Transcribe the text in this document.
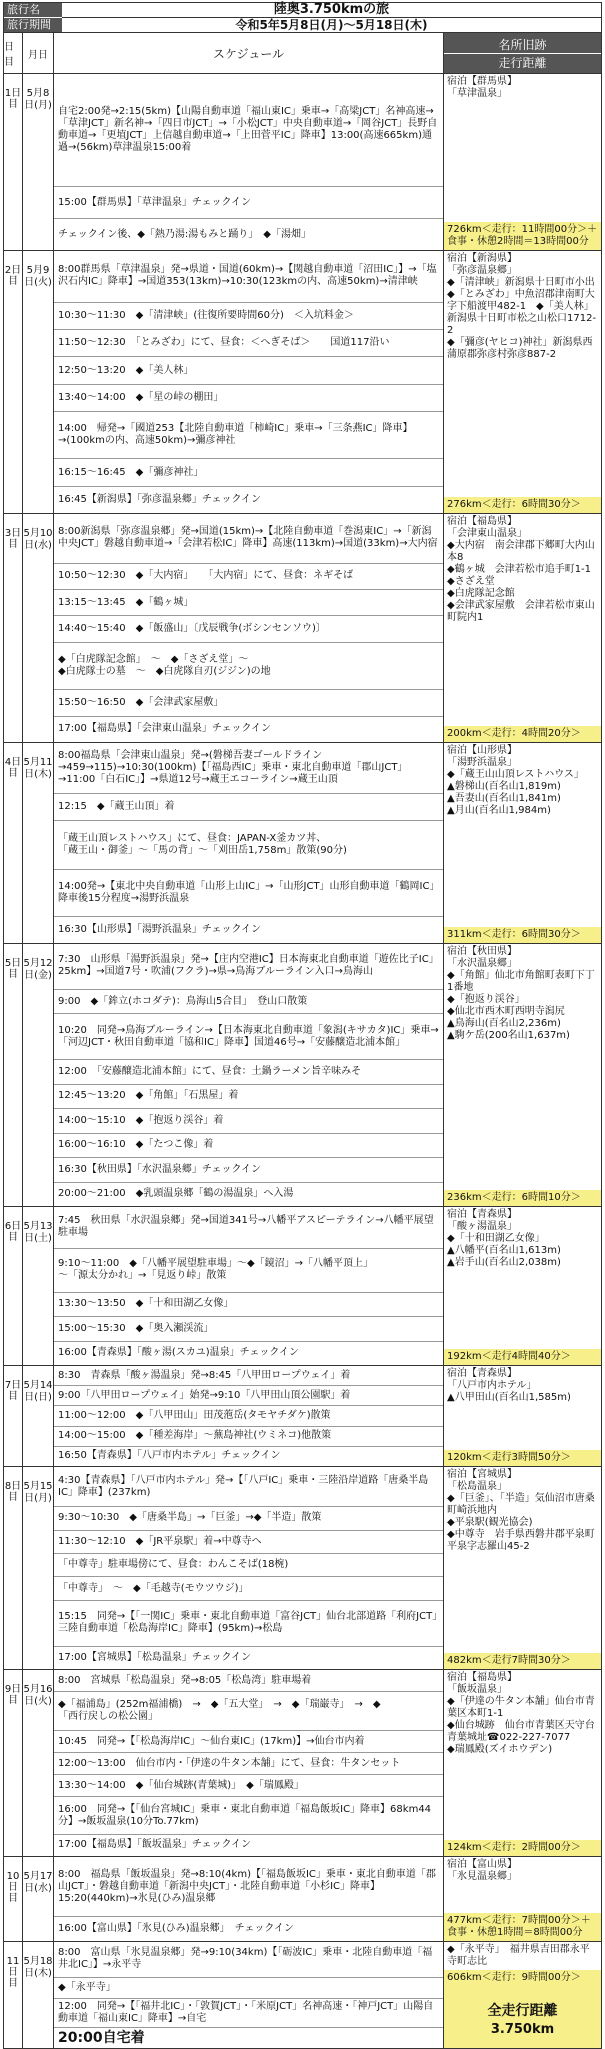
旅行名
旅行期間
陸奥3.750kmの旅
令和5年5月8日(月)～5月18日(木)
日目
月日	スケジュール
名所旧跡
走行距離
1日目
5月8日(月)
自宅2:00発→2:15(5km)【山陽自動車道「福山東IC」乗車→「高梁JCT」名神高速→「草津JCT」新名神→「四日市JCT」→「小松JCT」中央自動車道→「岡谷JCT」長野自動車道→「更埴JCT」上信越自動車道→「上田菅平IC」降車】13:00(高速665km)通過→(56km)草津温泉15:00着
15:00【群馬県】「草津温泉」チェックイン
チェックイン後、◆「熱乃湯:湯もみと踊り」　◆「湯畑」
宿泊【群馬県】
「草津温泉」
726km＜走行：11時間00分＞＋食事・休憩2時間＝13時間00分
2日目
5月9日(火)
8:00群馬県「草津温泉」発→県道・国道(60km)→【関越自動車道「沼田IC」】→「塩沢石内IC」降車】→国道353(13km)→10:30(123kmの内、高速50km)→清津峡
10:30～11:30　◆「清津峡」(往復所要時間60分)　＜入坑料金＞
11:50～12:30　「とみざわ」にて、昼食：＜へぎそば＞　　国道117沿い
12:50～13:20　◆「美人林」
13:40～14:00　◆「星の峠の棚田」
14:00　帰発→「國道253【北陸自動車道「柿崎IC」乗車→「三条燕IC」降車】→(100kmの内、高速50km)→彌彦神社
16:15～16:45　◆「彌彦神社」
16:45【新潟県】「弥彦温泉郷」チェックイン
宿泊【新潟県】
「弥彦温泉郷」
◆「清津峡」新潟県十日町市小出
◆「とみざわ」中魚沼郡津南町大字下船渡甲482-1　◆「美人林」新潟県十日町市松之山松口1712-2
◆「彌彦(ヤヒコ)神社」新潟県西蒲原郡弥彦村弥彦887-2
276km＜走行：6時間30分＞
3日目
5月10日(水)
8:00新潟県「弥彦温泉郷」発→国道(15km)→【北陸自動車道「巻潟東IC」→「新潟中央JCT」磐越自動車道→「会津若松IC」降車】高速(113km)→国道(33km)→大内宿
10:50～12:30　◆「大内宿」　　「大内宿」にて、昼食：ネギそば
13:15～13:45　◆「鶴ヶ城」
14:40～15:40　◆「飯盛山」〔戊辰戦争(ボシンセンソウ)〕
◆「白虎隊記念館」　～　◆「さざえ堂」～
◆白虎隊士の墓　～　◆白虎隊自刃(ジジン)の地
15:50～16:50　◆「会津武家屋敷」
17:00【福島県】「会津東山温泉」チェックイン
宿泊【福島県】
「会津東山温泉」
◆大内宿　南会津郡下郷町大内山本8
◆鶴ヶ城　会津若松市追手町1-1
◆さざえ堂
◆白虎隊記念館
◆会津武家屋敷　会津若松市東山町院内1
200km＜走行：4時間20分＞
4日目
5月11日(木)
8:00福島県「会津東山温泉」発→(磐梯吾妻ゴールドライン→459→115)→10:30(100km)【「福島西IC」乗車・東北自動車道「郡山JCT」→11:00「白石IC」】→県道12号→蔵王エコーライン→蔵王山頂
12:15　◆「蔵王山頂」着
「蔵王山頂レストハウス」にて、昼食：JAPAN-X釜カツ丼、
「蔵王山・御釜」～「馬の背」～「刈田岳1,758m」散策(90分)
14:00発→【東北中央自動車道「山形上山IC」→「山形JCT」山形自動車道「鶴岡IC」降車後15分程度→湯野浜温泉
16:30【山形県】「湯野浜温泉」チェックイン
宿泊【山形県】
「湯野浜温泉」
◆「蔵王山山頂レストハウス」
▲磐梯山(百名山1,819m)
▲吾妻山(百名山1,841m)
▲月山(百名山1,984m)
311km＜走行：6時間30分＞
5日目
5月12日(金)
7:30　山形県「湯野浜温泉」発→【庄内空港IC】日本海東北自動車道「遊佐比子IC」25km】→国道7号・吹浦(フクラ)→県→鳥海ブルーライン入口→鳥海山
9:00　◆「鉾立(ホコダテ)：鳥海山5合目」　登山口散策
10:20　同発→鳥海ブルーライン→【日本海東北自動車道「象潟(キサカタ)IC」乗車→「河辺JCT・秋田自動車道「協和IC」降車】国道46号→「安藤醸造北浦本館」
12:00　「安藤醸造北浦本館」にて、昼食：土鍋ラーメン旨辛味みそ
12:45～13:20　◆「角館」「石黒屋」着
14:00～15:10　◆「抱返り渓谷」着
16:00～16:10　◆「たつこ像」着
16:30【秋田県】「水沢温泉郷」チェックイン
20:00～21:00　◆乳頭温泉郷「鶴の湯温泉」へ入湯
宿泊【秋田県】
「水沢温泉郷」
◆「角館」仙北市角館町表町下丁1番地
◆「抱返り渓谷」
◆仙北市西木町西明寺潟尻
▲鳥海山(百名山2,236m)
▲駒ケ岳(200名山1,637m)
236km＜走行：6時間10分＞
6日目
5月13日(土)
7:45　秋田県「水沢温泉郷」発→国道341号→八幡平アスピーテライン→八幡平展望駐車場
9:10～11:00　◆「八幡平展望駐車場」～◆「鏡沼」→「八幡平頂上」
～「源太分かれ」→「見返り峠」散策
13:30～13:50　◆「十和田湖乙女像」
15:00～15:30　◆「奥入瀬渓流」
16:00【青森県】「酸ヶ湯(スカユ)温泉」チェックイン
宿泊【青森県】
「酸ヶ湯温泉」
◆「十和田湖乙女像」
▲八幡平(百名山1,613m)
▲岩手山(百名山2,038m)
192km＜走行4時間40分＞
7日目
5月14日(日)
8:30　青森県「酸ヶ湯温泉」発→8:45「八甲田ロープウェイ」着
9:00「八甲田ロープウェイ」始発→9:10「八甲田山頂公園駅」着
11:00～12:00　◆「八甲田山」田茂萢岳(タモヤチダケ)散策
14:00～15:00　◆「種差海岸」～蕪島神社(ウミネコ)他散策
16:50【青森県】「八戸市内ホテル」チェックイン
宿泊【青森県】
「八戸市内ホテル」
▲八甲田山(百名山1,585m)
120km＜走行3時間50分＞
8日目
5月15日(月)
4:30【青森県】「八戸市内ホテル」発→【「八戸IC」乗車・三陸沿岸道路「唐桑半島IC」降車】(237km)
9:30～10:30　◆「唐桑半島」→「巨釜」→◆「半造」散策
11:30～12:10　◆「JR平泉駅」着→中尊寺へ
「中尊寺」駐車場傍にて、昼食：わんこそば(18椀)
「中尊寺」　～　◆「毛越寺(モウツウジ)」
15:15　同発→【「一関IC」乗車・東北自動車道「富谷JCT」仙台北部道路「利府JCT」三陸自動車道「松島海岸IC」降車】(95km)→松島
17:00【宮城県】「松島温泉」チェックイン
宿泊【宮城県】
「松島温泉」
◆「巨釜」、「半造」気仙沼市唐桑町崎浜地内
◆平泉駅(観光協会)
◆中尊寺　岩手県西磐井郡平泉町平泉字志羅山45-2
482km＜走行7時間30分＞
9日目
5月16日(火)
8:00　宮城県「松島温泉」発→8:05「松島湾」駐車場着
◆「福浦島」(252m福浦橋)　→　◆「五大堂」　→　◆「瑞巌寺」　→　◆
「西行戻しの松公園」
10:45　同発→【「松島海岸IC」～仙台東IC」(17km)】→仙台市内着
12:00～13:00　仙台市内・「伊達の牛タン本舗」にて、昼食：牛タンセット
13:30～14:00　◆「仙台城跡(青葉城)」　◆「瑞鳳殿」
16:00　同発→【「仙台宮城IC」乗車・東北自動車道「福島飯坂IC」降車】68km44分】→飯坂温泉(10分To.77km)
17:00【福島県】「飯坂温泉」チェックイン
宿泊【福島県】
「飯坂温泉」
◆「伊達の牛タン本舗」仙台市青葉区本町1-1
◆仙台城跡　仙台市青葉区天守台青葉城址☎022-227-7077
◆瑞鳳殿(ズイホウデン)
124km＜走行：2時間00分＞
10日目
5月17日(水)
8:00　福島県「飯坂温泉」発→8:10(4km)【「福島飯坂IC」乗車・東北自動車道「郡山JCT」・磐越自動車道「新潟中央JCT」・北陸自動車道「小杉IC」降車】15:20(440km)→氷見(ひみ)温泉郷
16:00【富山県】「氷見(ひみ)温泉郷」　チェックイン
宿泊【富山県】
「氷見温泉郷」
477km＜走行：7時間00分＞＋食事・休憩1時間＝8時間00分
11日目
5月18日(木)
8:00　富山県「氷見温泉郷」発→9:10(34km)【「砺波IC」乗車・北陸自動車道「福井北IC」】→永平寺
◆「永平寺」
12:00　同発→【「福井北IC」・「敦賀JCT」・「米原JCT」名神高速・「神戸JCT」山陽自動車道「福山東IC」降車】→自宅
20:00自宅着
◆「永平寺」　福井県吉田郡永平寺町志比
606km＜走行：9時間00分＞
全走行距離
3.750km
